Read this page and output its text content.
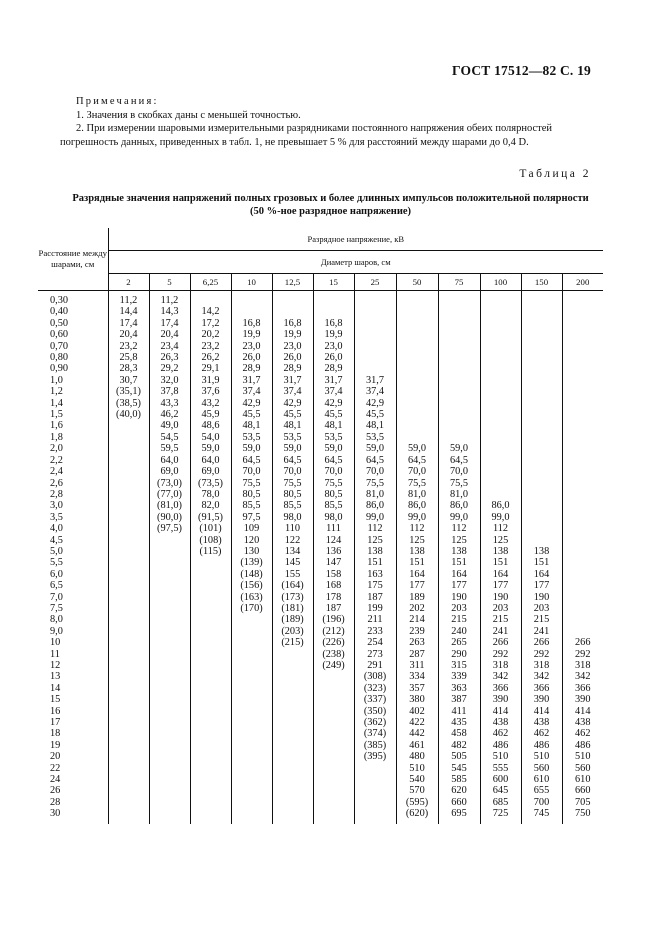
ГОСТ 17512—82 С. 19
Примечания:

1. Значения в скобках даны с меньшей точностью.

2. При измерении шаровыми измерительными разрядниками постоянного напряжения обеих полярностей погрешность данных, приведенных в табл. 1, не превышает 5 % для расстояний между шарами до 0,4 D.

Таблица 2
Разрядные значения напряжений полных грозовых и более длинных импульсов положительной полярности
(50 %-ное разрядное напряжение)
Расстояние между шарами, см	Разрядное напряжение, кВ											
	Диаметр шаров, см											
	2	5	6,25	10	12,5	15	25	50	75	100	150	200
0,30	11,2	11,2										
0,40	14,4	14,3	14,2									
0,50	17,4	17,4	17,2	16,8	16,8	16,8						
0,60	20,4	20,4	20,2	19,9	19,9	19,9						
0,70	23,2	23,4	23,2	23,0	23,0	23,0						
0,80	25,8	26,3	26,2	26,0	26,0	26,0						
0,90	28,3	29,2	29,1	28,9	28,9	28,9						
1,0	30,7	32,0	31,9	31,7	31,7	31,7	31,7					
1,2	(35,1)	37,8	37,6	37,4	37,4	37,4	37,4					
1,4	(38,5)	43,3	43,2	42,9	42,9	42,9	42,9					
1,5	(40,0)	46,2	45,9	45,5	45,5	45,5	45,5					
1,6		49,0	48,6	48,1	48,1	48,1	48,1					
1,8		54,5	54,0	53,5	53,5	53,5	53,5					
2,0		59,5	59,0	59,0	59,0	59,0	59,0	59,0	59,0			
2,2		64,0	64,0	64,5	64,5	64,5	64,5	64,5	64,5			
2,4		69,0	69,0	70,0	70,0	70,0	70,0	70,0	70,0			
2,6		(73,0)	(73,5)	75,5	75,5	75,5	75,5	75,5	75,5			
2,8		(77,0)	78,0	80,5	80,5	80,5	81,0	81,0	81,0			
3,0		(81,0)	82,0	85,5	85,5	85,5	86,0	86,0	86,0	86,0		
3,5		(90,0)	(91,5)	97,5	98,0	98,0	99,0	99,0	99,0	99,0		
4,0		(97,5)	(101)	109	110	111	112	112	112	112		
4,5			(108)	120	122	124	125	125	125	125		
5,0			(115)	130	134	136	138	138	138	138	138	
5,5				(139)	145	147	151	151	151	151	151	
6,0				(148)	155	158	163	164	164	164	164	
6,5				(156)	(164)	168	175	177	177	177	177	
7,0				(163)	(173)	178	187	189	190	190	190	
7,5				(170)	(181)	187	199	202	203	203	203	
8,0					(189)	(196)	211	214	215	215	215	
9,0					(203)	(212)	233	239	240	241	241	
10					(215)	(226)	254	263	265	266	266	266
11						(238)	273	287	290	292	292	292
12						(249)	291	311	315	318	318	318
13							(308)	334	339	342	342	342
14							(323)	357	363	366	366	366
15							(337)	380	387	390	390	390
16							(350)	402	411	414	414	414
17							(362)	422	435	438	438	438
18							(374)	442	458	462	462	462
19							(385)	461	482	486	486	486
20							(395)	480	505	510	510	510
22								510	545	555	560	560
24								540	585	600	610	610
26								570	620	645	655	660
28								(595)	660	685	700	705
30								(620)	695	725	745	750
